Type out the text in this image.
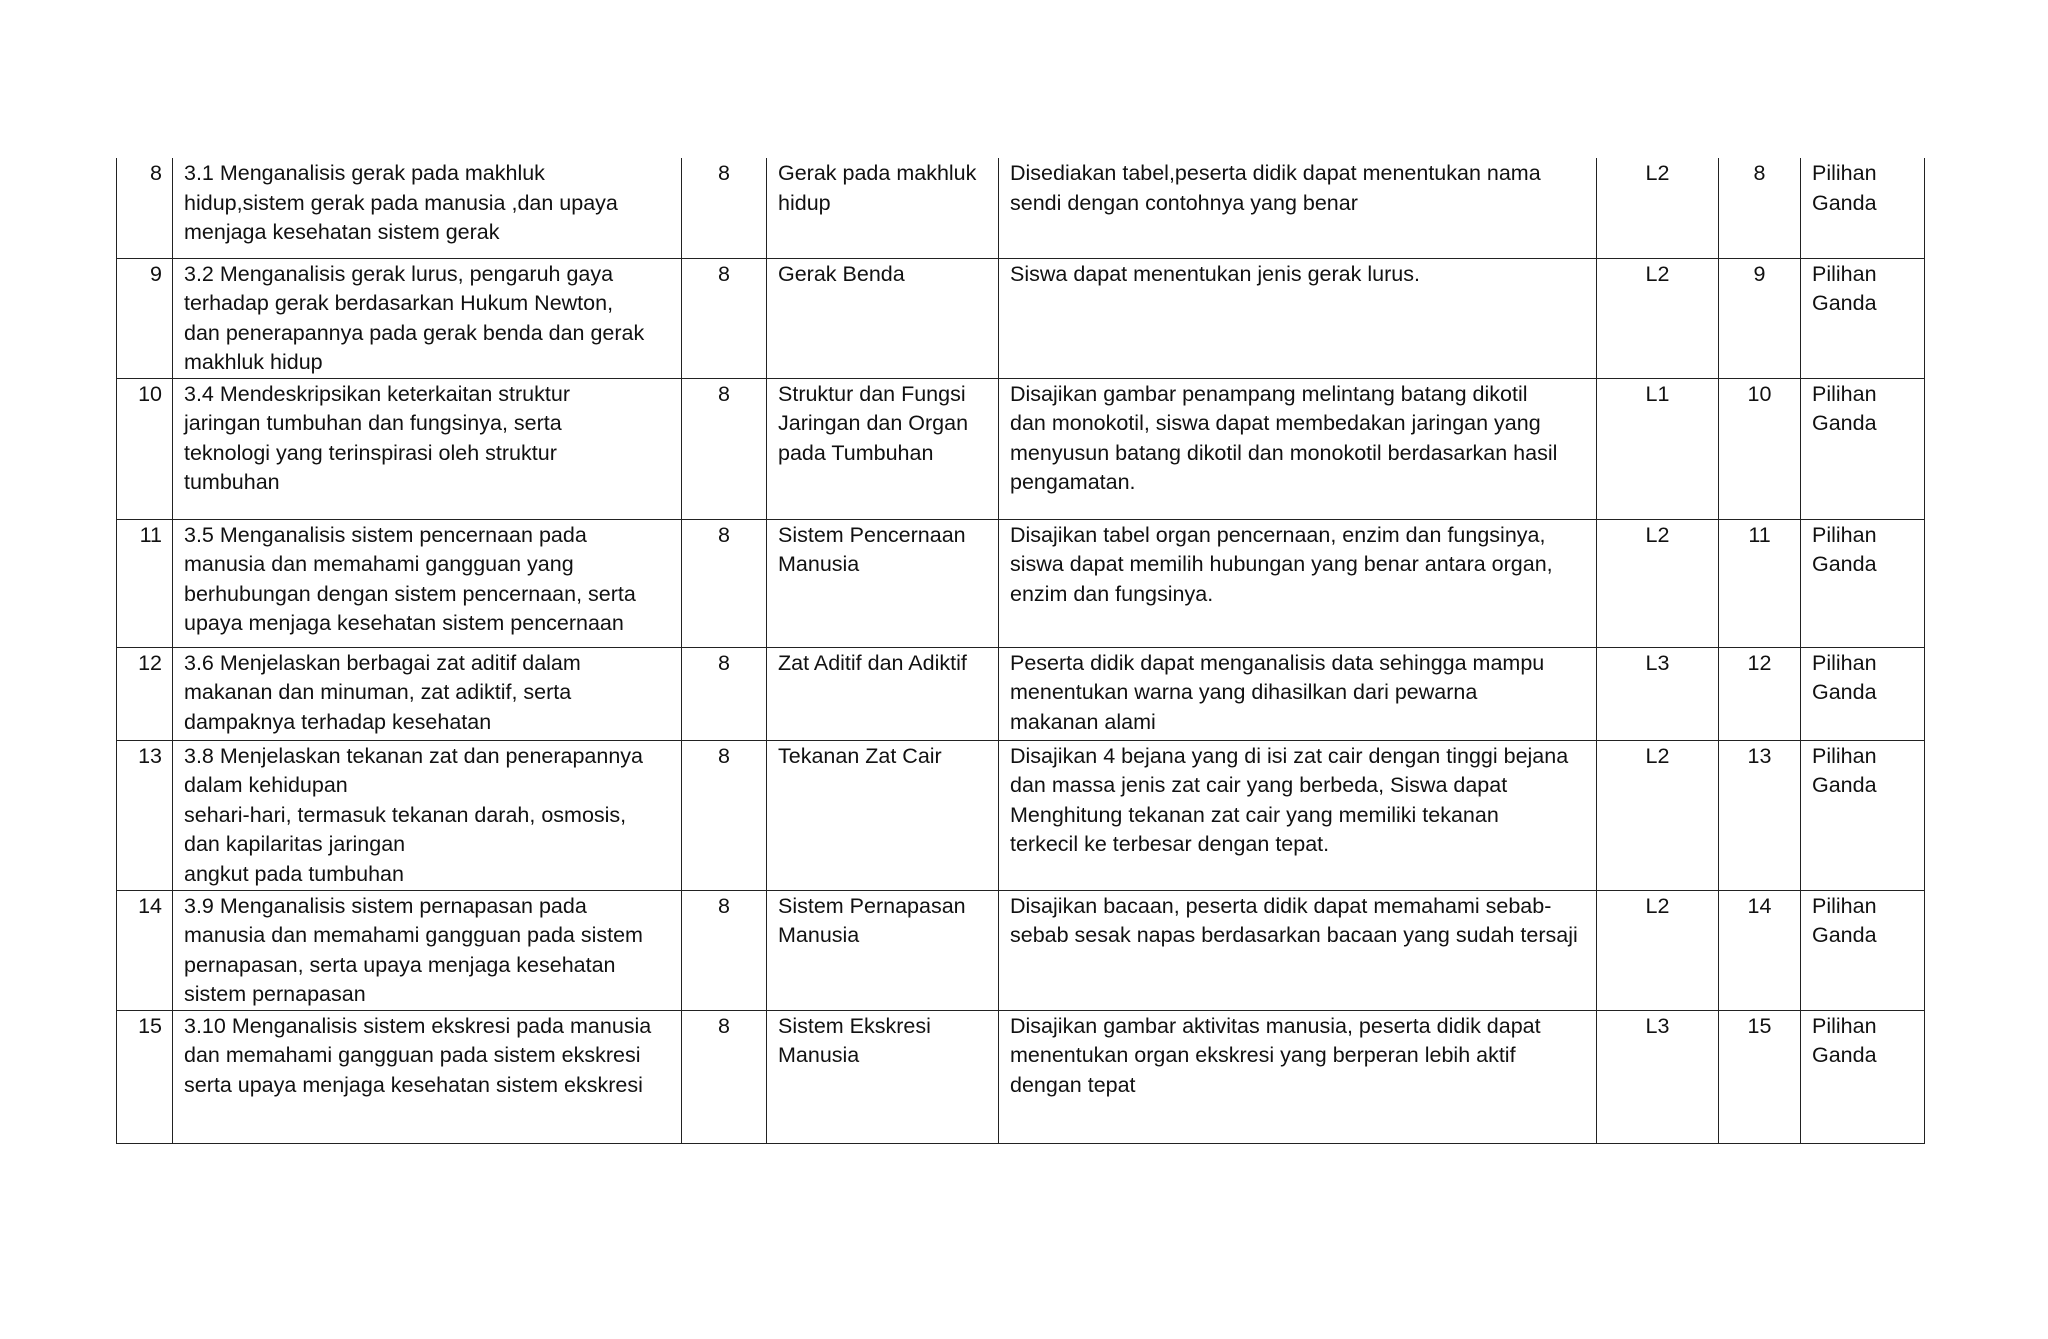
8	3.1 Menganalisis gerak pada makhluk
hidup,sistem gerak pada manusia ,dan upaya
menjaga kesehatan sistem gerak	8	Gerak pada makhluk
hidup	Disediakan tabel,peserta didik dapat menentukan nama
sendi dengan contohnya yang benar	L2	8	Pilihan
Ganda

9	3.2 Menganalisis gerak lurus, pengaruh gaya
terhadap gerak berdasarkan Hukum Newton,
dan penerapannya pada gerak benda dan gerak
makhluk hidup	8	Gerak Benda	Siswa dapat menentukan jenis gerak lurus.	L2	9	Pilihan
Ganda

10	3.4 Mendeskripsikan keterkaitan struktur
jaringan tumbuhan dan fungsinya, serta
teknologi yang terinspirasi oleh struktur
tumbuhan	8	Struktur dan Fungsi
Jaringan dan Organ
pada Tumbuhan	Disajikan gambar penampang melintang batang dikotil
dan monokotil, siswa dapat membedakan jaringan yang
menyusun batang dikotil dan monokotil berdasarkan hasil
pengamatan.	L1	10	Pilihan
Ganda

11	3.5 Menganalisis sistem pencernaan pada
manusia dan memahami gangguan yang
berhubungan dengan sistem pencernaan, serta
upaya menjaga kesehatan sistem pencernaan	8	Sistem Pencernaan
Manusia	Disajikan tabel organ pencernaan, enzim dan fungsinya,
siswa dapat memilih hubungan yang benar antara organ,
enzim dan fungsinya.	L2	11	Pilihan
Ganda

12	3.6 Menjelaskan berbagai zat aditif dalam
makanan dan minuman, zat adiktif, serta
dampaknya terhadap kesehatan	8	Zat Aditif dan Adiktif	Peserta didik dapat menganalisis data sehingga mampu
menentukan warna yang dihasilkan dari pewarna
makanan alami	L3	12	Pilihan
Ganda

13	3.8 Menjelaskan tekanan zat dan penerapannya
dalam kehidupan
sehari-hari, termasuk tekanan darah, osmosis,
dan kapilaritas jaringan
angkut pada tumbuhan	8	Tekanan Zat Cair	Disajikan 4 bejana yang di isi zat cair dengan tinggi bejana
dan massa jenis zat cair yang berbeda, Siswa dapat
Menghitung tekanan zat cair yang memiliki tekanan
terkecil ke terbesar dengan tepat.	L2	13	Pilihan
Ganda

14	3.9 Menganalisis sistem pernapasan pada
manusia dan memahami gangguan pada sistem
pernapasan, serta upaya menjaga kesehatan
sistem pernapasan	8	Sistem Pernapasan
Manusia	Disajikan bacaan, peserta didik dapat memahami sebab-
sebab sesak napas berdasarkan bacaan yang sudah tersaji	L2	14	Pilihan
Ganda

15	3.10 Menganalisis sistem ekskresi pada manusia
dan memahami gangguan pada sistem ekskresi
serta upaya menjaga kesehatan sistem ekskresi	8	Sistem Ekskresi
Manusia	Disajikan gambar aktivitas manusia, peserta didik dapat
menentukan organ ekskresi yang berperan lebih aktif
dengan tepat	L3	15	Pilihan
Ganda
